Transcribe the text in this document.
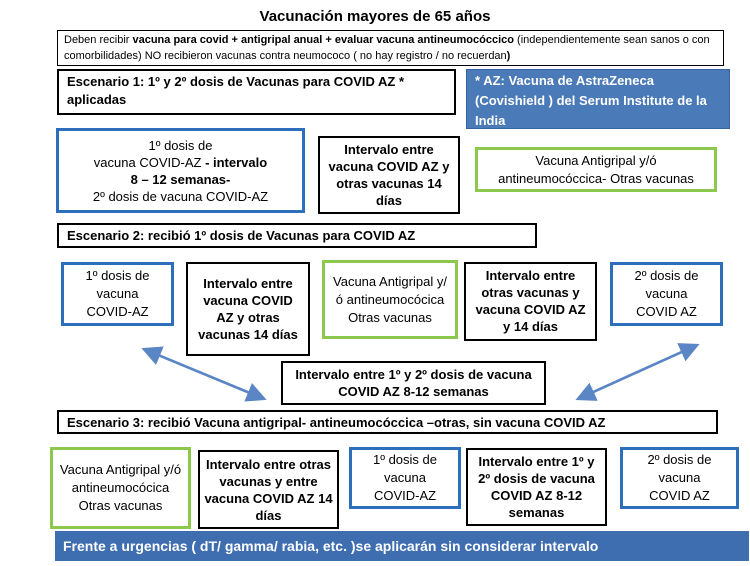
Vacunación mayores de 65 años
Deben recibir vacuna para covid + antigripal anual + evaluar vacuna antineumocóccico (independientemente sean sanos o con comorbilidades) NO recibieron vacunas contra neumococo ( no hay registro / no recuerdan)
Escenario 1: 1º y 2º dosis de Vacunas para COVID AZ * aplicadas
* AZ: Vacuna de AstraZeneca (Covishield ) del Serum Institute de la India
1º dosis de
vacuna COVID-AZ - intervalo
8 – 12 semanas-
2º dosis de vacuna COVID-AZ
Intervalo entre vacuna COVID AZ y otras vacunas 14 días
Vacuna Antigripal y/ó antineumocóccica- Otras vacunas
Escenario 2: recibió 1º dosis de Vacunas para COVID AZ
1º dosis de vacuna COVID-AZ
Intervalo entre vacuna COVID AZ y otras vacunas 14 días
Vacuna Antigripal y/ó antineumocócica Otras vacunas
Intervalo entre otras vacunas y vacuna COVID AZ y 14 días
2º dosis de vacuna COVID AZ
Intervalo entre 1º y 2º dosis de vacuna COVID AZ 8-12 semanas
Escenario 3: recibió Vacuna antigripal- antineumocóccica –otras, sin vacuna COVID AZ
Vacuna Antigripal y/ó antineumocócica Otras vacunas
Intervalo entre otras vacunas y entre vacuna COVID AZ 14 días
1º dosis de vacuna COVID-AZ
Intervalo entre 1º y 2º dosis de vacuna COVID AZ 8-12 semanas
2º dosis de vacuna COVID AZ
Frente a urgencias ( dT/ gamma/ rabia, etc. )se aplicarán sin considerar intervalo
